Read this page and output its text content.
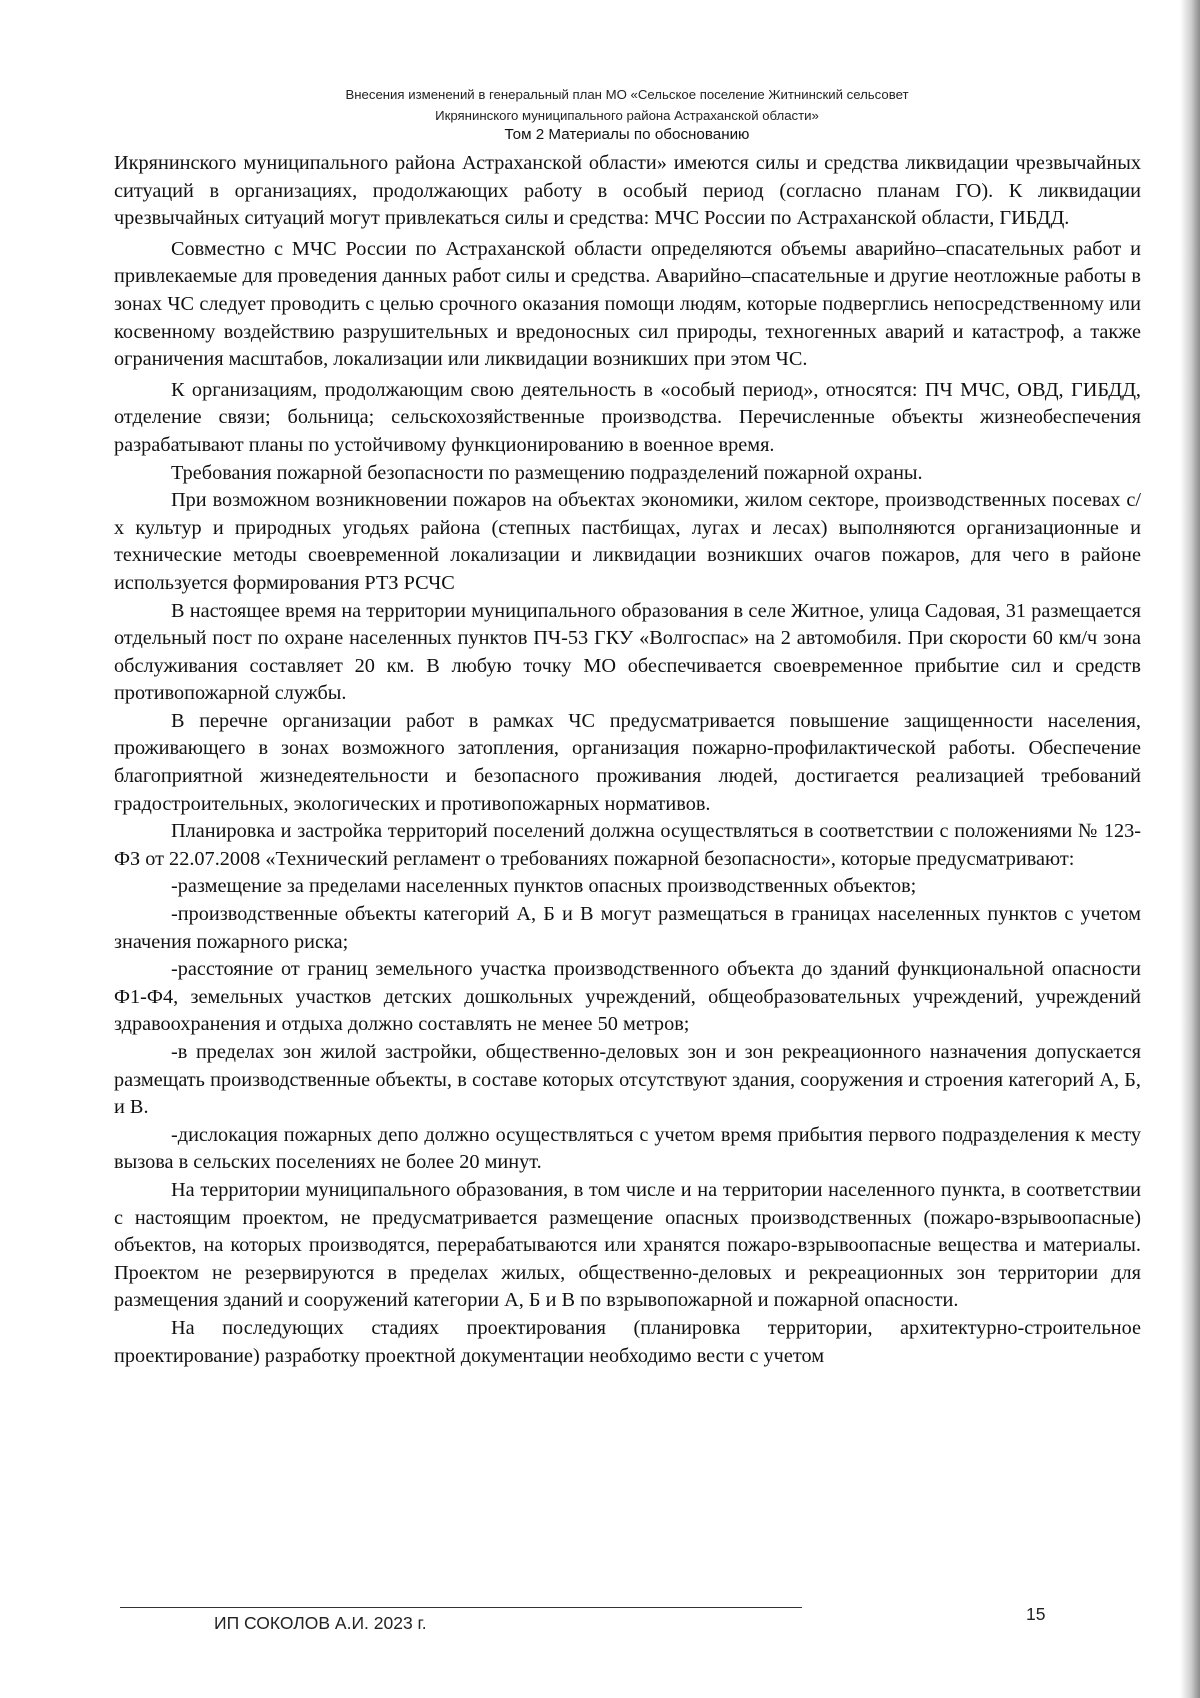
Внесения изменений в генеральный план МО «Сельское поселение Житнинский сельсовет
Икрянинского муниципального района Астраханской области»
Том 2 Материалы по обоснованию

Икрянинского муниципального района Астраханской области» имеются силы и средства ликвидации чрезвычайных ситуаций в организациях, продолжающих работу в особый период (согласно планам ГО). К ликвидации чрезвычайных ситуаций могут привлекаться силы и средства: МЧС России по Астраханской области, ГИБДД.

Совместно с МЧС России по Астраханской области определяются объемы аварийно–спасательных работ и привлекаемые для проведения данных работ силы и средства. Аварийно–спасательные и другие неотложные работы в зонах ЧС следует проводить с целью срочного оказания помощи людям, которые подверглись непосредственному или косвенному воздействию разрушительных и вредоносных сил природы, техногенных аварий и катастроф, а также ограничения масштабов, локализации или ликвидации возникших при этом ЧС.

К организациям, продолжающим свою деятельность в «особый период», относятся: ПЧ МЧС, ОВД, ГИБДД, отделение связи; больница; сельскохозяйственные производства. Перечисленные объекты жизнеобеспечения разрабатывают планы по устойчивому функционированию в военное время.

Требования пожарной безопасности по размещению подразделений пожарной охраны.

При возможном возникновении пожаров на объектах экономики, жилом секторе, производственных посевах с/х культур и природных угодьях района (степных пастбищах, лугах и лесах) выполняются организационные и технические методы своевременной локализации и ликвидации возникших очагов пожаров, для чего в районе используется формирования РТЗ РСЧС

В настоящее время на территории муниципального образования в селе Житное, улица Садовая, 31 размещается отдельный пост по охране населенных пунктов ПЧ-53 ГКУ «Волгоспас» на 2 автомобиля. При скорости 60 км/ч зона обслуживания составляет 20 км. В любую точку МО обеспечивается своевременное прибытие сил и средств противопожарной службы.

В перечне организации работ в рамках ЧС предусматривается повышение защищенности населения, проживающего в зонах возможного затопления, организация пожарно-профилактической работы. Обеспечение благоприятной жизнедеятельности и безопасного проживания людей, достигается реализацией требований градостроительных, экологических и противопожарных нормативов.

Планировка и застройка территорий поселений должна осуществляться в соответствии с положениями № 123-ФЗ от 22.07.2008 «Технический регламент о требованиях пожарной безопасности», которые предусматривают:

-размещение за пределами населенных пунктов опасных производственных объектов;

-производственные объекты категорий А, Б и В могут размещаться в границах населенных пунктов с учетом значения пожарного риска;

-расстояние от границ земельного участка производственного объекта до зданий функциональной опасности Ф1-Ф4, земельных участков детских дошкольных учреждений, общеобразовательных учреждений, учреждений здравоохранения и отдыха должно составлять не менее 50 метров;

-в пределах зон жилой застройки, общественно-деловых зон и зон рекреационного назначения допускается размещать производственные объекты, в составе которых отсутствуют здания, сооружения и строения категорий А, Б, и В.

-дислокация пожарных депо должно осуществляться с учетом время прибытия первого подразделения к месту вызова в сельских поселениях не более 20 минут.

На территории муниципального образования, в том числе и на территории населенного пункта, в соответствии с настоящим проектом, не предусматривается размещение опасных производственных (пожаро-взрывоопасные) объектов, на которых производятся, перерабатываются или хранятся пожаро-взрывоопасные вещества и материалы. Проектом не резервируются в пределах жилых, общественно-деловых и рекреационных зон территории для размещения зданий и сооружений категории А, Б и В по взрывопожарной и пожарной опасности.

На последующих стадиях проектирования (планировка территории, архитектурно-строительное проектирование) разработку проектной документации необходимо вести с учетом

ИП СОКОЛОВ А.И. 2023 г.	15
